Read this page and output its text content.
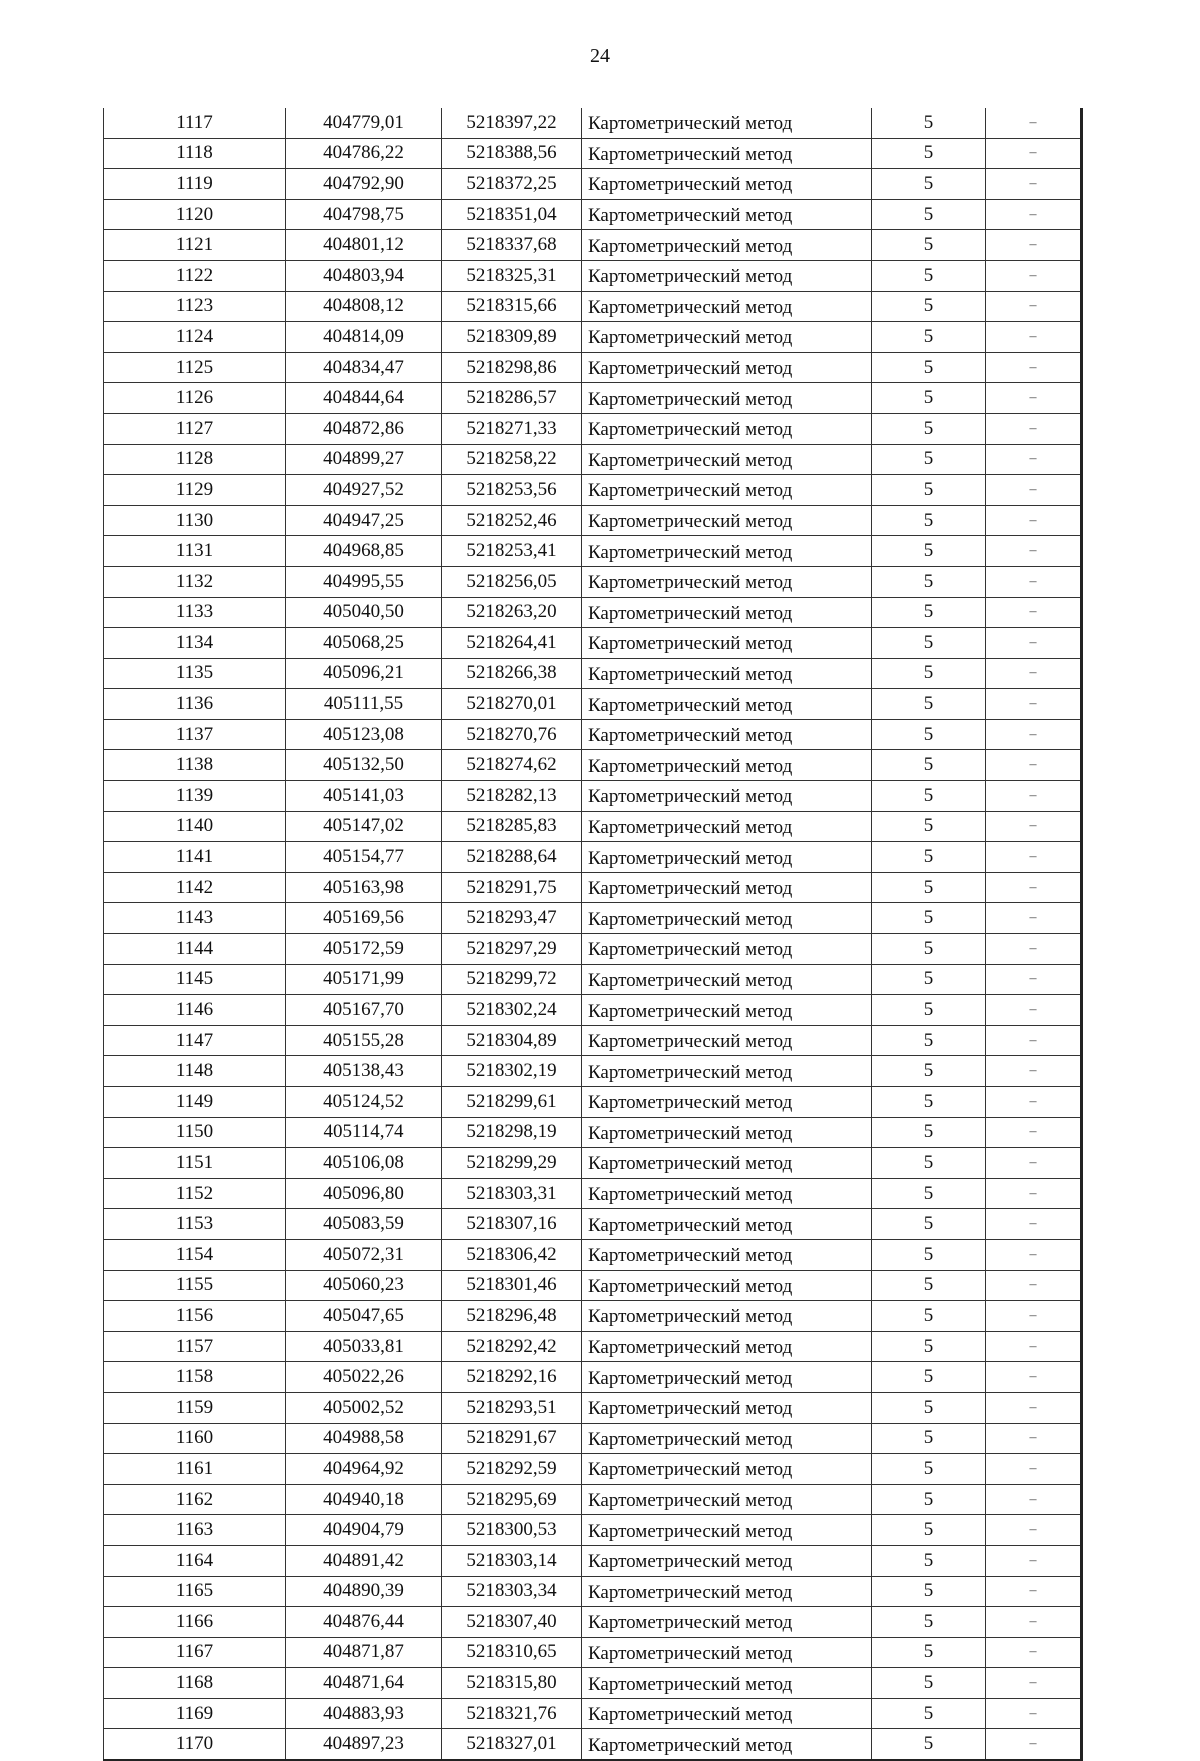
24
1117	404779,01	5218397,22	Картометрический метод	5	–
1118	404786,22	5218388,56	Картометрический метод	5	–
1119	404792,90	5218372,25	Картометрический метод	5	–
1120	404798,75	5218351,04	Картометрический метод	5	–
1121	404801,12	5218337,68	Картометрический метод	5	–
1122	404803,94	5218325,31	Картометрический метод	5	–
1123	404808,12	5218315,66	Картометрический метод	5	–
1124	404814,09	5218309,89	Картометрический метод	5	–
1125	404834,47	5218298,86	Картометрический метод	5	–
1126	404844,64	5218286,57	Картометрический метод	5	–
1127	404872,86	5218271,33	Картометрический метод	5	–
1128	404899,27	5218258,22	Картометрический метод	5	–
1129	404927,52	5218253,56	Картометрический метод	5	–
1130	404947,25	5218252,46	Картометрический метод	5	–
1131	404968,85	5218253,41	Картометрический метод	5	–
1132	404995,55	5218256,05	Картометрический метод	5	–
1133	405040,50	5218263,20	Картометрический метод	5	–
1134	405068,25	5218264,41	Картометрический метод	5	–
1135	405096,21	5218266,38	Картометрический метод	5	–
1136	405111,55	5218270,01	Картометрический метод	5	–
1137	405123,08	5218270,76	Картометрический метод	5	–
1138	405132,50	5218274,62	Картометрический метод	5	–
1139	405141,03	5218282,13	Картометрический метод	5	–
1140	405147,02	5218285,83	Картометрический метод	5	–
1141	405154,77	5218288,64	Картометрический метод	5	–
1142	405163,98	5218291,75	Картометрический метод	5	–
1143	405169,56	5218293,47	Картометрический метод	5	–
1144	405172,59	5218297,29	Картометрический метод	5	–
1145	405171,99	5218299,72	Картометрический метод	5	–
1146	405167,70	5218302,24	Картометрический метод	5	–
1147	405155,28	5218304,89	Картометрический метод	5	–
1148	405138,43	5218302,19	Картометрический метод	5	–
1149	405124,52	5218299,61	Картометрический метод	5	–
1150	405114,74	5218298,19	Картометрический метод	5	–
1151	405106,08	5218299,29	Картометрический метод	5	–
1152	405096,80	5218303,31	Картометрический метод	5	–
1153	405083,59	5218307,16	Картометрический метод	5	–
1154	405072,31	5218306,42	Картометрический метод	5	–
1155	405060,23	5218301,46	Картометрический метод	5	–
1156	405047,65	5218296,48	Картометрический метод	5	–
1157	405033,81	5218292,42	Картометрический метод	5	–
1158	405022,26	5218292,16	Картометрический метод	5	–
1159	405002,52	5218293,51	Картометрический метод	5	–
1160	404988,58	5218291,67	Картометрический метод	5	–
1161	404964,92	5218292,59	Картометрический метод	5	–
1162	404940,18	5218295,69	Картометрический метод	5	–
1163	404904,79	5218300,53	Картометрический метод	5	–
1164	404891,42	5218303,14	Картометрический метод	5	–
1165	404890,39	5218303,34	Картометрический метод	5	–
1166	404876,44	5218307,40	Картометрический метод	5	–
1167	404871,87	5218310,65	Картометрический метод	5	–
1168	404871,64	5218315,80	Картометрический метод	5	–
1169	404883,93	5218321,76	Картометрический метод	5	–
1170	404897,23	5218327,01	Картометрический метод	5	–
